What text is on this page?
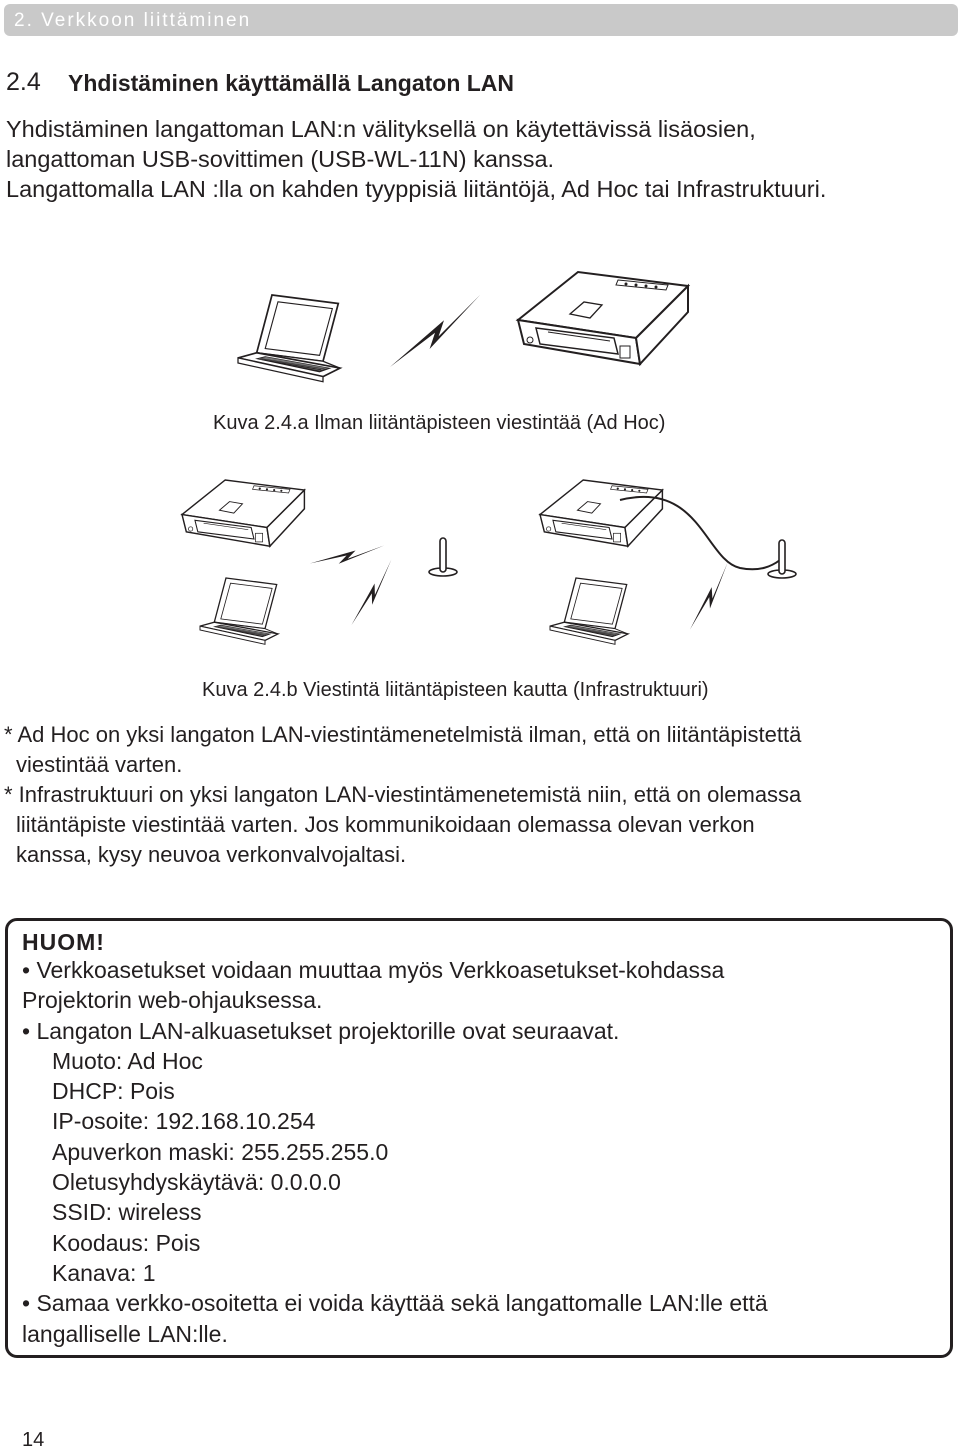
2. Verkkoon liittäminen
2.4 Yhdistäminen käyttämällä Langaton LAN
Yhdistäminen langattoman LAN:n välityksellä on käytettävissä lisäosien,
langattoman USB-sovittimen (USB-WL-11N) kanssa.
Langattomalla LAN :lla on kahden tyyppisiä liitäntöjä, Ad Hoc tai Infrastruktuuri.
Kuva 2.4.a Ilman liitäntäpisteen viestintää (Ad Hoc)
Kuva 2.4.b Viestintä liitäntäpisteen kautta (Infrastruktuuri)
* Ad Hoc on yksi langaton LAN-viestintämenetelmistä ilman, että on liitäntäpistettä
viestintää varten.
* Infrastruktuuri on yksi langaton LAN-viestintämenetemistä niin, että on olemassa
liitäntäpiste viestintää varten. Jos kommunikoidaan olemassa olevan verkon
kanssa, kysy neuvoa verkonvalvojaltasi.
HUOM!
• Verkkoasetukset voidaan muuttaa myös Verkkoasetukset-kohdassa
Projektorin web-ohjauksessa.
• Langaton LAN-alkuasetukset projektorille ovat seuraavat.
Muoto: Ad Hoc
DHCP: Pois
IP-osoite: 192.168.10.254
Apuverkon maski: 255.255.255.0
Oletusyhdyskäytävä: 0.0.0.0
SSID: wireless
Koodaus: Pois
Kanava: 1
• Samaa verkko-osoitetta ei voida käyttää sekä langattomalle LAN:lle että
langalliselle LAN:lle.
14
